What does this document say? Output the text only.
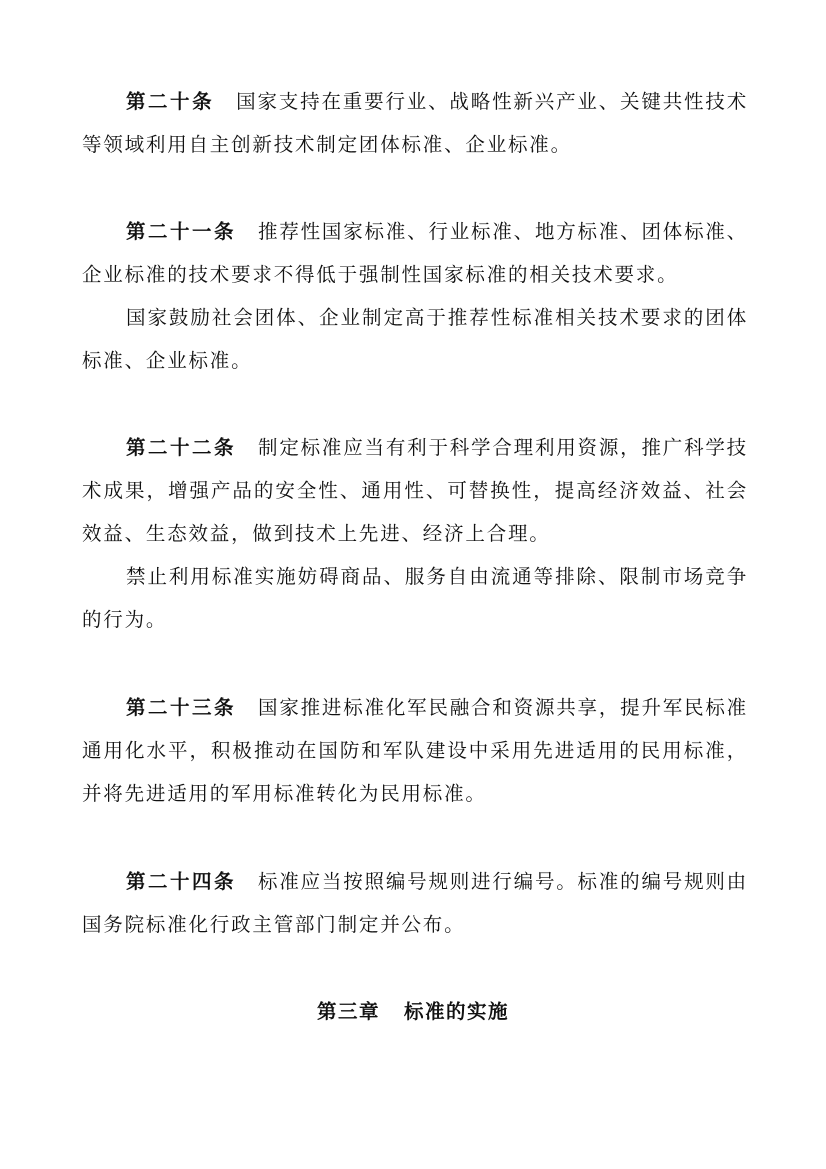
第二十条 国家支持在重要行业、战略性新兴产业、关键共性技术等领域利用自主创新技术制定团体标准、企业标准。

第二十一条 推荐性国家标准、行业标准、地方标准、团体标准、企业标准的技术要求不得低于强制性国家标准的相关技术要求。

国家鼓励社会团体、企业制定高于推荐性标准相关技术要求的团体标准、企业标准。

第二十二条 制定标准应当有利于科学合理利用资源，推广科学技术成果，增强产品的安全性、通用性、可替换性，提高经济效益、社会效益、生态效益，做到技术上先进、经济上合理。

禁止利用标准实施妨碍商品、服务自由流通等排除、限制市场竞争的行为。

第二十三条 国家推进标准化军民融合和资源共享，提升军民标准通用化水平，积极推动在国防和军队建设中采用先进适用的民用标准，并将先进适用的军用标准转化为民用标准。

第二十四条 标准应当按照编号规则进行编号。标准的编号规则由国务院标准化行政主管部门制定并公布。

第三章 标准的实施
